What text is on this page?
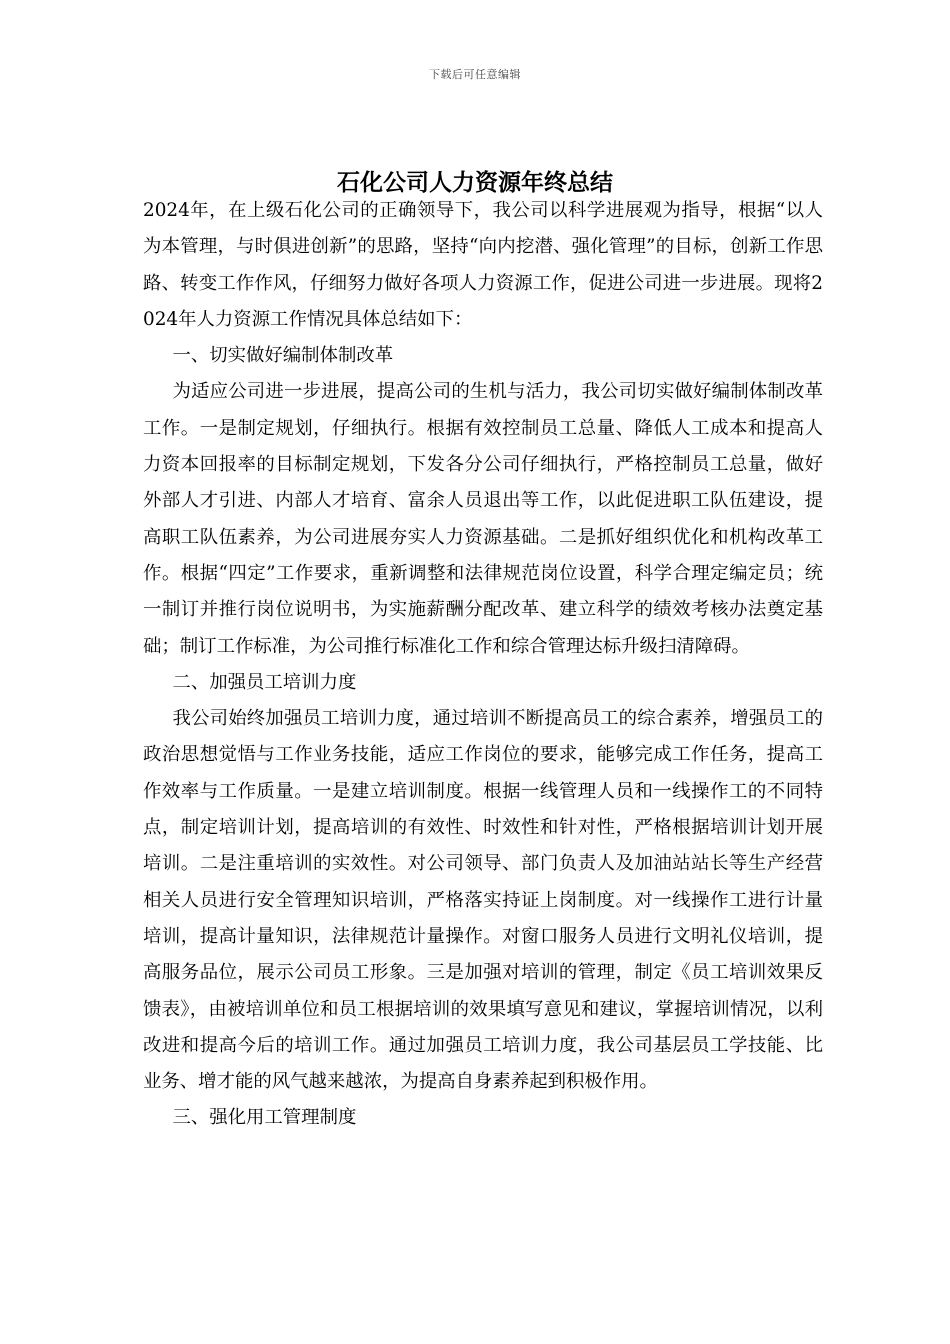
下载后可任意编辑
石化公司人力资源年终总结

2024年，在上级石化公司的正确领导下，我公司以科学进展观为指导，根据“以人为本管理，与时俱进创新”的思路，坚持“向内挖潜、强化管理”的目标，创新工作思路、转变工作作风，仔细努力做好各项人力资源工作，促进公司进一步进展。现将2024年人力资源工作情况具体总结如下：

一、切实做好编制体制改革

为适应公司进一步进展，提高公司的生机与活力，我公司切实做好编制体制改革工作。一是制定规划，仔细执行。根据有效控制员工总量、降低人工成本和提高人力资本回报率的目标制定规划，下发各分公司仔细执行，严格控制员工总量，做好外部人才引进、内部人才培育、富余人员退出等工作，以此促进职工队伍建设，提高职工队伍素养，为公司进展夯实人力资源基础。二是抓好组织优化和机构改革工作。根据“四定”工作要求，重新调整和法律规范岗位设置，科学合理定编定员；统一制订并推行岗位说明书，为实施薪酬分配改革、建立科学的绩效考核办法奠定基础；制订工作标准，为公司推行标准化工作和综合管理达标升级扫清障碍。

二、加强员工培训力度

我公司始终加强员工培训力度，通过培训不断提高员工的综合素养，增强员工的政治思想觉悟与工作业务技能，适应工作岗位的要求，能够完成工作任务，提高工作效率与工作质量。一是建立培训制度。根据一线管理人员和一线操作工的不同特点，制定培训计划，提高培训的有效性、时效性和针对性，严格根据培训计划开展培训。二是注重培训的实效性。对公司领导、部门负责人及加油站站长等生产经营相关人员进行安全管理知识培训，严格落实持证上岗制度。对一线操作工进行计量培训，提高计量知识，法律规范计量操作。对窗口服务人员进行文明礼仪培训，提高服务品位，展示公司员工形象。三是加强对培训的管理，制定《员工培训效果反馈表》，由被培训单位和员工根据培训的效果填写意见和建议，掌握培训情况，以利改进和提高今后的培训工作。通过加强员工培训力度，我公司基层员工学技能、比业务、增才能的风气越来越浓，为提高自身素养起到积极作用。

三、强化用工管理制度
